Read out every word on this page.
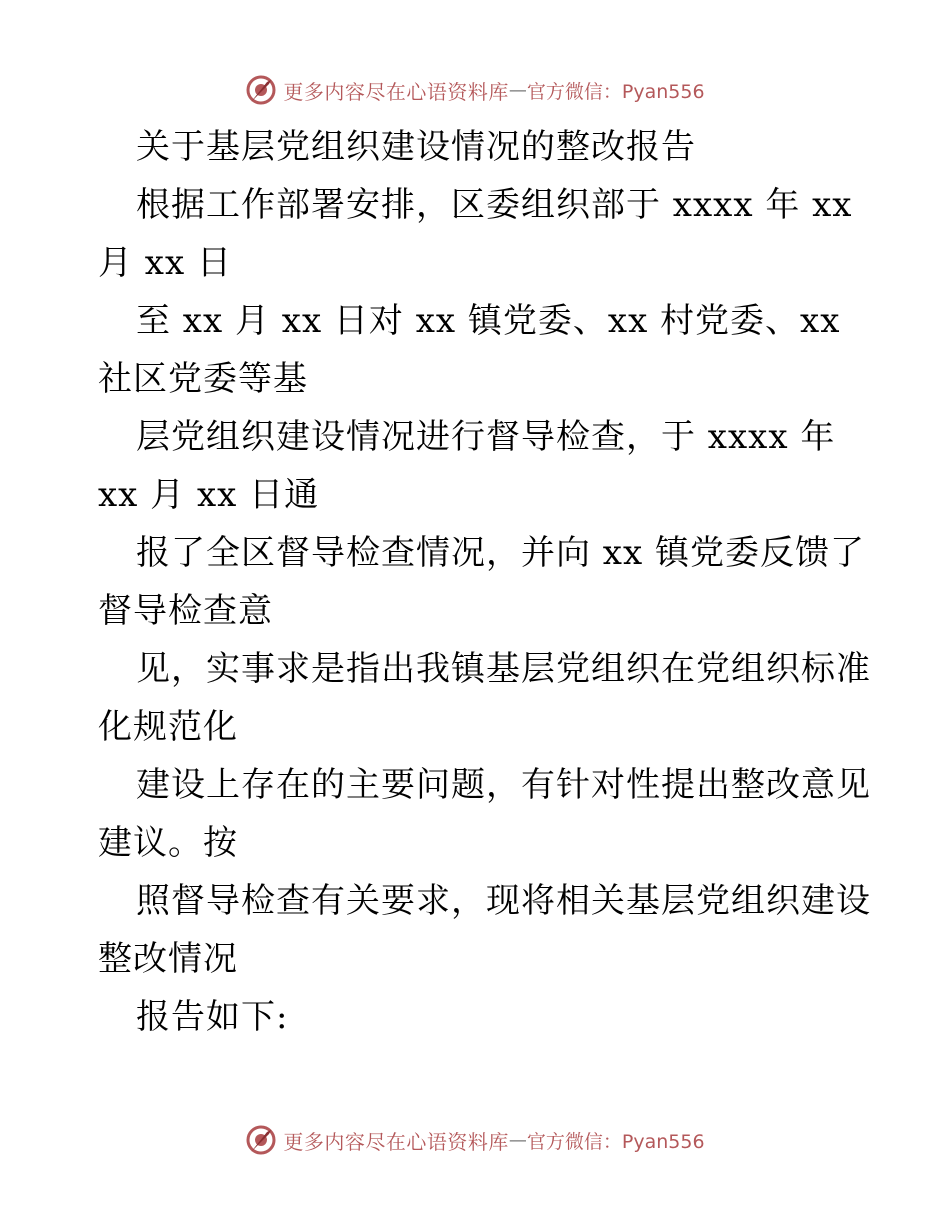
更多内容尽在心语资料库 — 官方微信：Pyan556
关于基层党组织建设情况的整改报告
根据工作部署安排，区委组织部于 xxxx 年 xx
月 xx 日
至 xx 月 xx 日对 xx 镇党委、xx 村党委、xx
社区党委等基
层党组织建设情况进行督导检查，于 xxxx 年
xx 月 xx 日通
报了全区督导检查情况，并向 xx 镇党委反馈了
督导检查意
见，实事求是指出我镇基层党组织在党组织标准
化规范化
建设上存在的主要问题，有针对性提出整改意见
建议。按
照督导检查有关要求，现将相关基层党组织建设
整改情况
报告如下:
更多内容尽在心语资料库 — 官方微信：Pyan556
